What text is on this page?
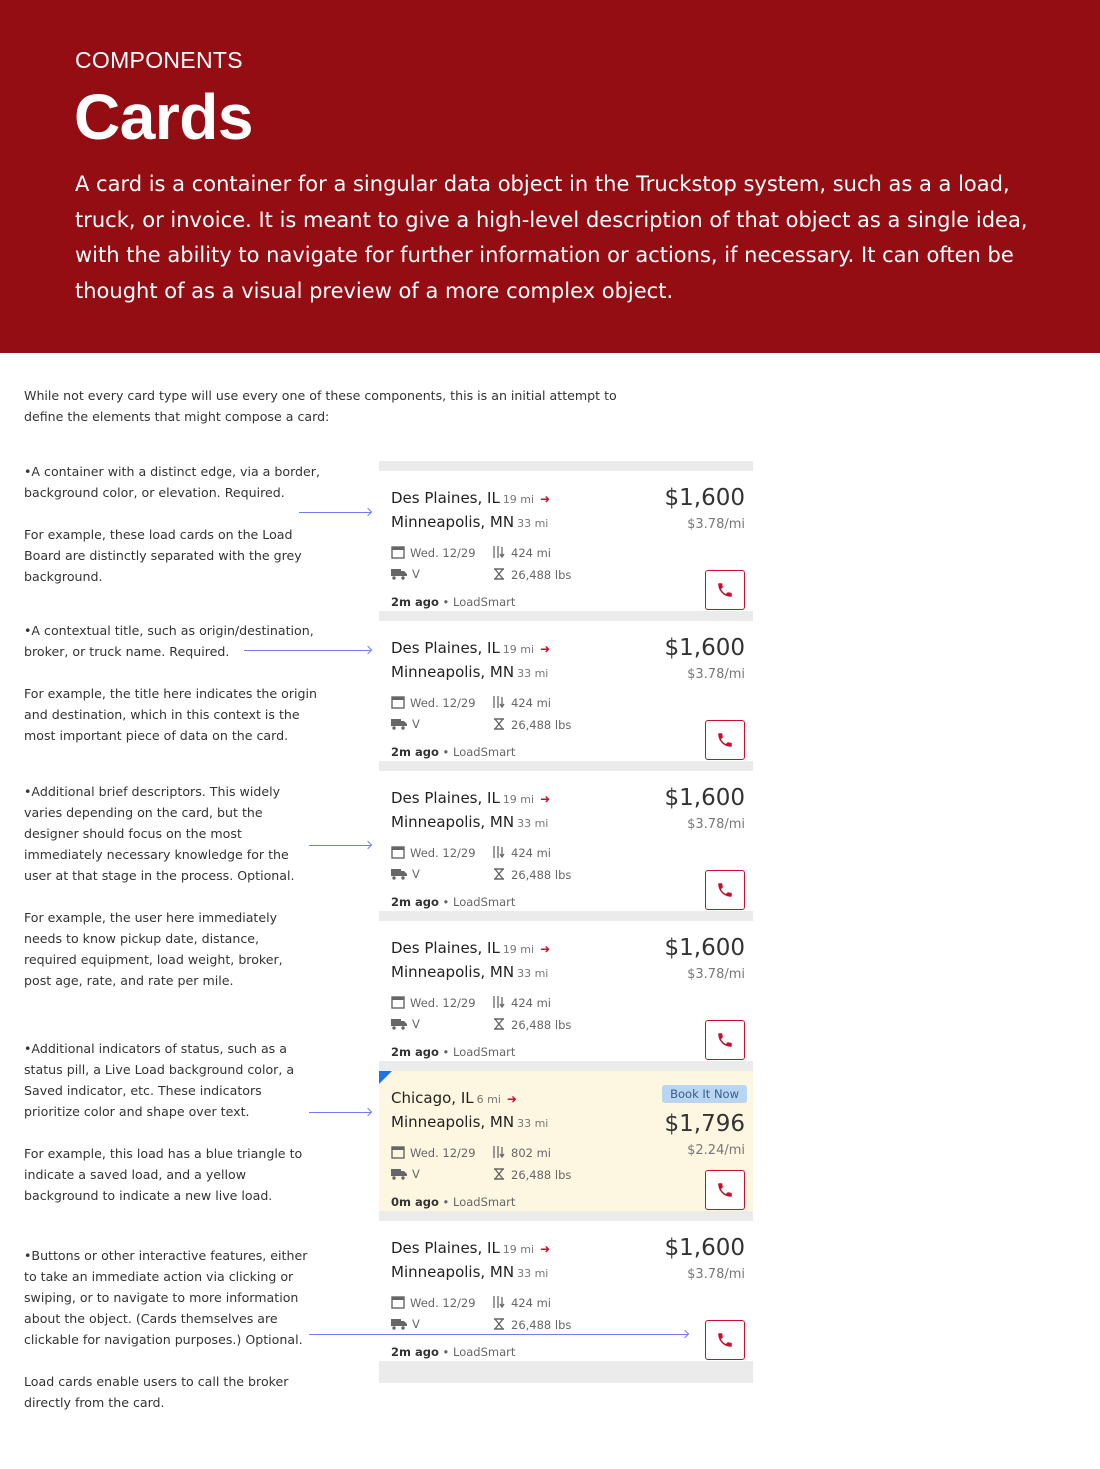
COMPONENTS
Cards
A card is a container for a singular data object in the Truckstop system, such as a a load, truck, or invoice. It is meant to give a high-level description of that object as a single idea, with the ability to navigate for further information or actions, if necessary. It can often be thought of as a visual preview of a more complex object.
While not every card type will use every one of these components, this is an initial attempt to define the elements that might compose a card:
•A container with a distinct edge, via a border, background color, or elevation. Required.
For example, these load cards on the Load Board are distinctly separated with the grey background.
•A contextual title, such as origin/destination, broker, or truck name. Required.
For example, the title here indicates the origin and destination, which in this context is the most important piece of data on the card.
•Additional brief descriptors. This widely varies depending on the card, but the designer should focus on the most immediately necessary knowledge for the user at that stage in the process. Optional.
For example, the user here immediately needs to know pickup date, distance, required equipment, load weight, broker, post age, rate, and rate per mile.
•Additional indicators of status, such as a status pill, a Live Load background color, a Saved indicator, etc. These indicators prioritize color and shape over text.
For example, this load has a blue triangle to indicate a saved load, and a yellow background to indicate a new live load.
•Buttons or other interactive features, either to take an immediate action via clicking or swiping, or to navigate to more information about the object. (Cards themselves are clickable for navigation purposes.) Optional.
Load cards enable users to call the broker directly from the card.
Des Plaines, IL 19 mi ➜
Minneapolis, MN 33 mi
Wed. 12/29	424 mi
V	26,488 lbs
2m ago • LoadSmart
$1,600
$3.78/mi
Des Plaines, IL 19 mi ➜
Minneapolis, MN 33 mi
Wed. 12/29	424 mi
V	26,488 lbs
2m ago • LoadSmart
$1,600
$3.78/mi
Des Plaines, IL 19 mi ➜
Minneapolis, MN 33 mi
Wed. 12/29	424 mi
V	26,488 lbs
2m ago • LoadSmart
$1,600
$3.78/mi
Des Plaines, IL 19 mi ➜
Minneapolis, MN 33 mi
Wed. 12/29	424 mi
V	26,488 lbs
2m ago • LoadSmart
$1,600
$3.78/mi
Chicago, IL 6 mi ➜
Minneapolis, MN 33 mi
Wed. 12/29	802 mi
V	26,488 lbs
0m ago • LoadSmart
Book It Now
$1,796
$2.24/mi
Des Plaines, IL 19 mi ➜
Minneapolis, MN 33 mi
Wed. 12/29	424 mi
V	26,488 lbs
2m ago • LoadSmart
$1,600
$3.78/mi
